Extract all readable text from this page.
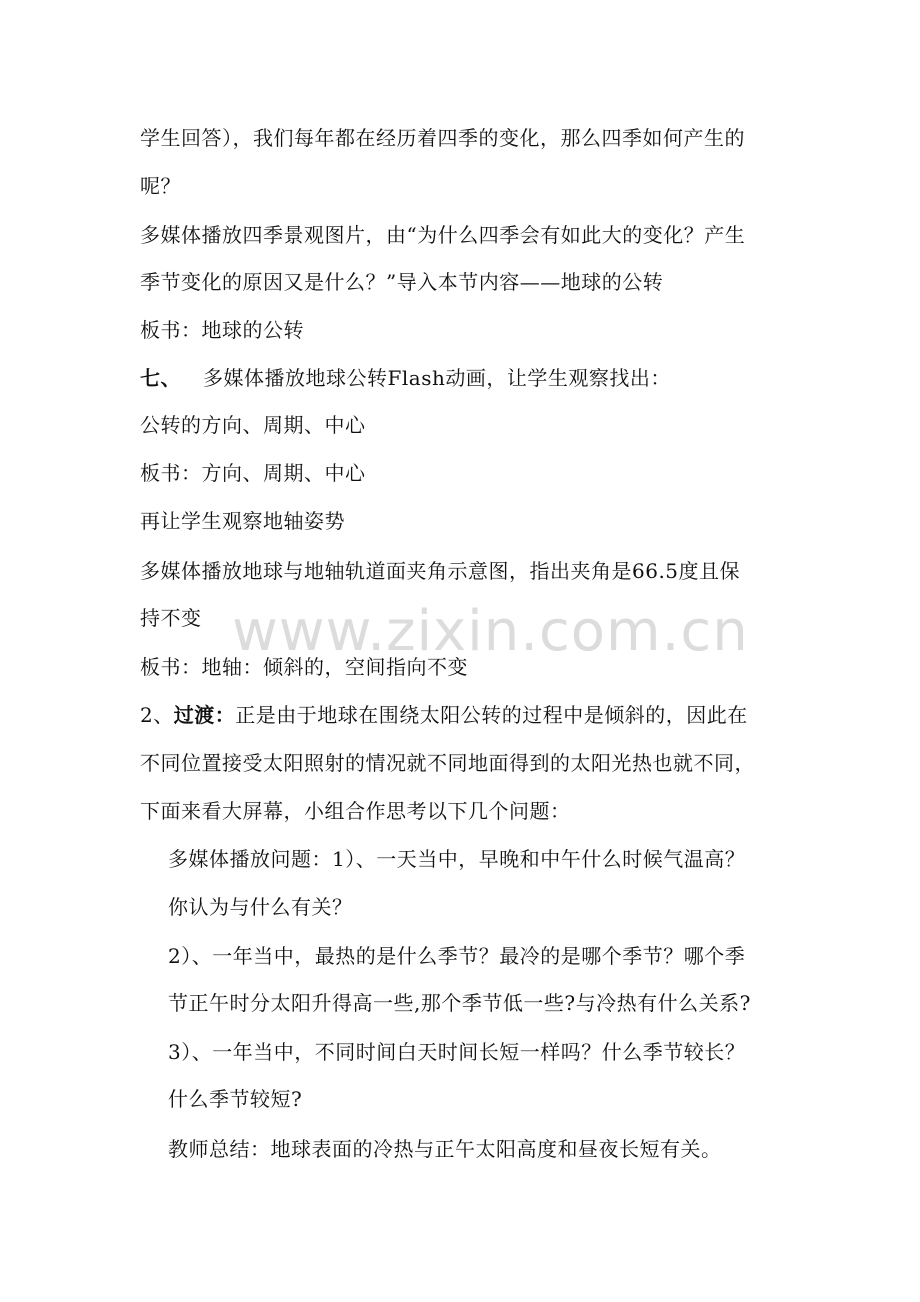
www.zixin.com.cn
学生回答），我们每年都在经历着四季的变化，那么四季如何产生的
呢？
多媒体播放四季景观图片，由“为什么四季会有如此大的变化？产生
季节变化的原因又是什么？”导入本节内容——地球的公转
板书：地球的公转
七、 多媒体播放地球公转Flash动画，让学生观察找出：
公转的方向、周期、中心
板书：方向、周期、中心
再让学生观察地轴姿势
多媒体播放地球与地轴轨道面夹角示意图，指出夹角是66.5度且保
持不变
板书：地轴：倾斜的，空间指向不变
2、过渡：正是由于地球在围绕太阳公转的过程中是倾斜的，因此在
不同位置接受太阳照射的情况就不同地面得到的太阳光热也就不同，
下面来看大屏幕，小组合作思考以下几个问题：
多媒体播放问题：1）、一天当中，早晚和中午什么时候气温高？
你认为与什么有关？
2）、一年当中，最热的是什么季节？最冷的是哪个季节？哪个季
节正午时分太阳升得高一些,那个季节低一些?与冷热有什么关系?
3）、一年当中，不同时间白天时间长短一样吗？什么季节较长？
什么季节较短?
教师总结：地球表面的冷热与正午太阳高度和昼夜长短有关。
